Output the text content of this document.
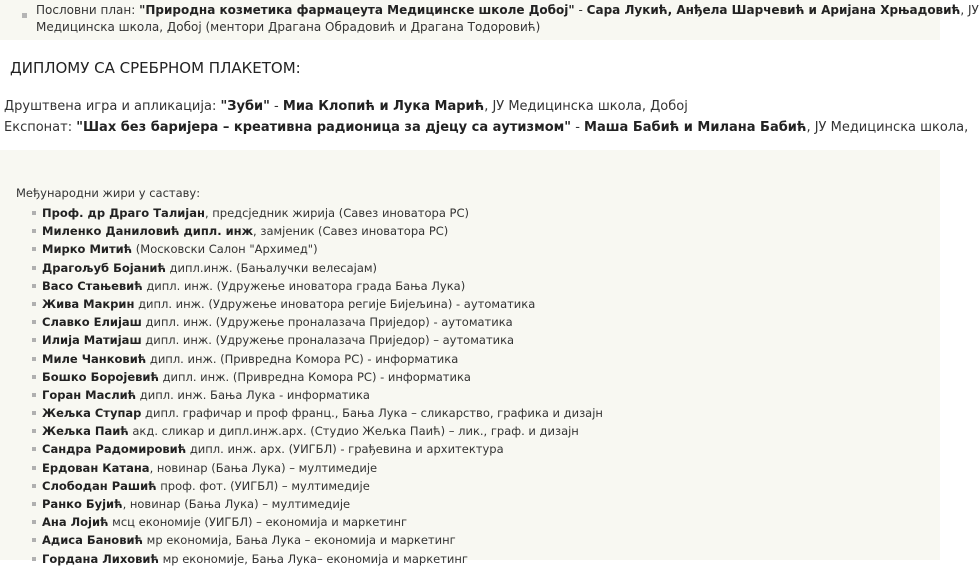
Пословни план: "Природна козметика фармацеута Медицинске школе Добој" - Сара Лукић, Анђела Шарчевић и Аријана Хрњадовић, ЈУ
Медицинска школа, Добој (ментори Драгана Обрадовић и Драгана Тодоровић)
ДИПЛОМУ СА СРЕБРНОМ ПЛАКЕТОМ:
Друштвена игра и апликација: "Зуби" - Миа Клопић и Лука Марић, ЈУ Медицинска школа, Добој
Експонат: "Шах без баријера – креативна радионица за дјецу са аутизмом" - Маша Бабић и Милана Бабић, ЈУ Медицинска школа,
Међународни жири у саставу:
Проф. др Драго Талијан, предсједник жирија (Савез иноватора РС)
Миленко Даниловић дипл. инж, замјеник (Савез иноватора РС)
Мирко Митић (Московски Салон "Архимед")
Драгољуб Бојанић дипл.инж. (Бањалучки велесајам)
Васо Стањевић дипл. инж. (Удружење иноватора града Бања Лука)
Жива Макрин дипл. инж. (Удружење иноватора регије Бијељина) - аутоматика
Славко Елијаш дипл. инж. (Удружење проналазача Приједор) - аутоматика
Илија Матијаш дипл. инж. (Удружење проналазача Приједор) – аутоматика
Миле Чанковић дипл. инж. (Привредна Комора РС) - информатика
Бошко Боројевић дипл. инж. (Привредна Комора РС) - информатика
Горан Маслић дипл. инж. Бања Лука - информатика
Жељка Ступар дипл. графичар и проф франц., Бања Лука – сликарство, графика и дизајн
Жељка Паић акд. сликар и дипл.инж.арх. (Студио Жељка Паић) – лик., граф. и дизајн
Сандра Радомировић дипл. инж. арх. (УИГБЛ) - грађевина и архитектура
Ердован Катана, новинар (Бања Лука) – мултимедије
Слободан Рашић проф. фот. (УИГБЛ) – мултимедије
Ранко Бујић, новинар (Бања Лука) – мултимедије
Ана Лојић мсц економије (УИГБЛ) – економија и маркетинг
Адиса Бановић мр економија, Бања Лука – економија и маркетинг
Гордана Лиховић мр економије, Бања Лука– економија и маркетинг
